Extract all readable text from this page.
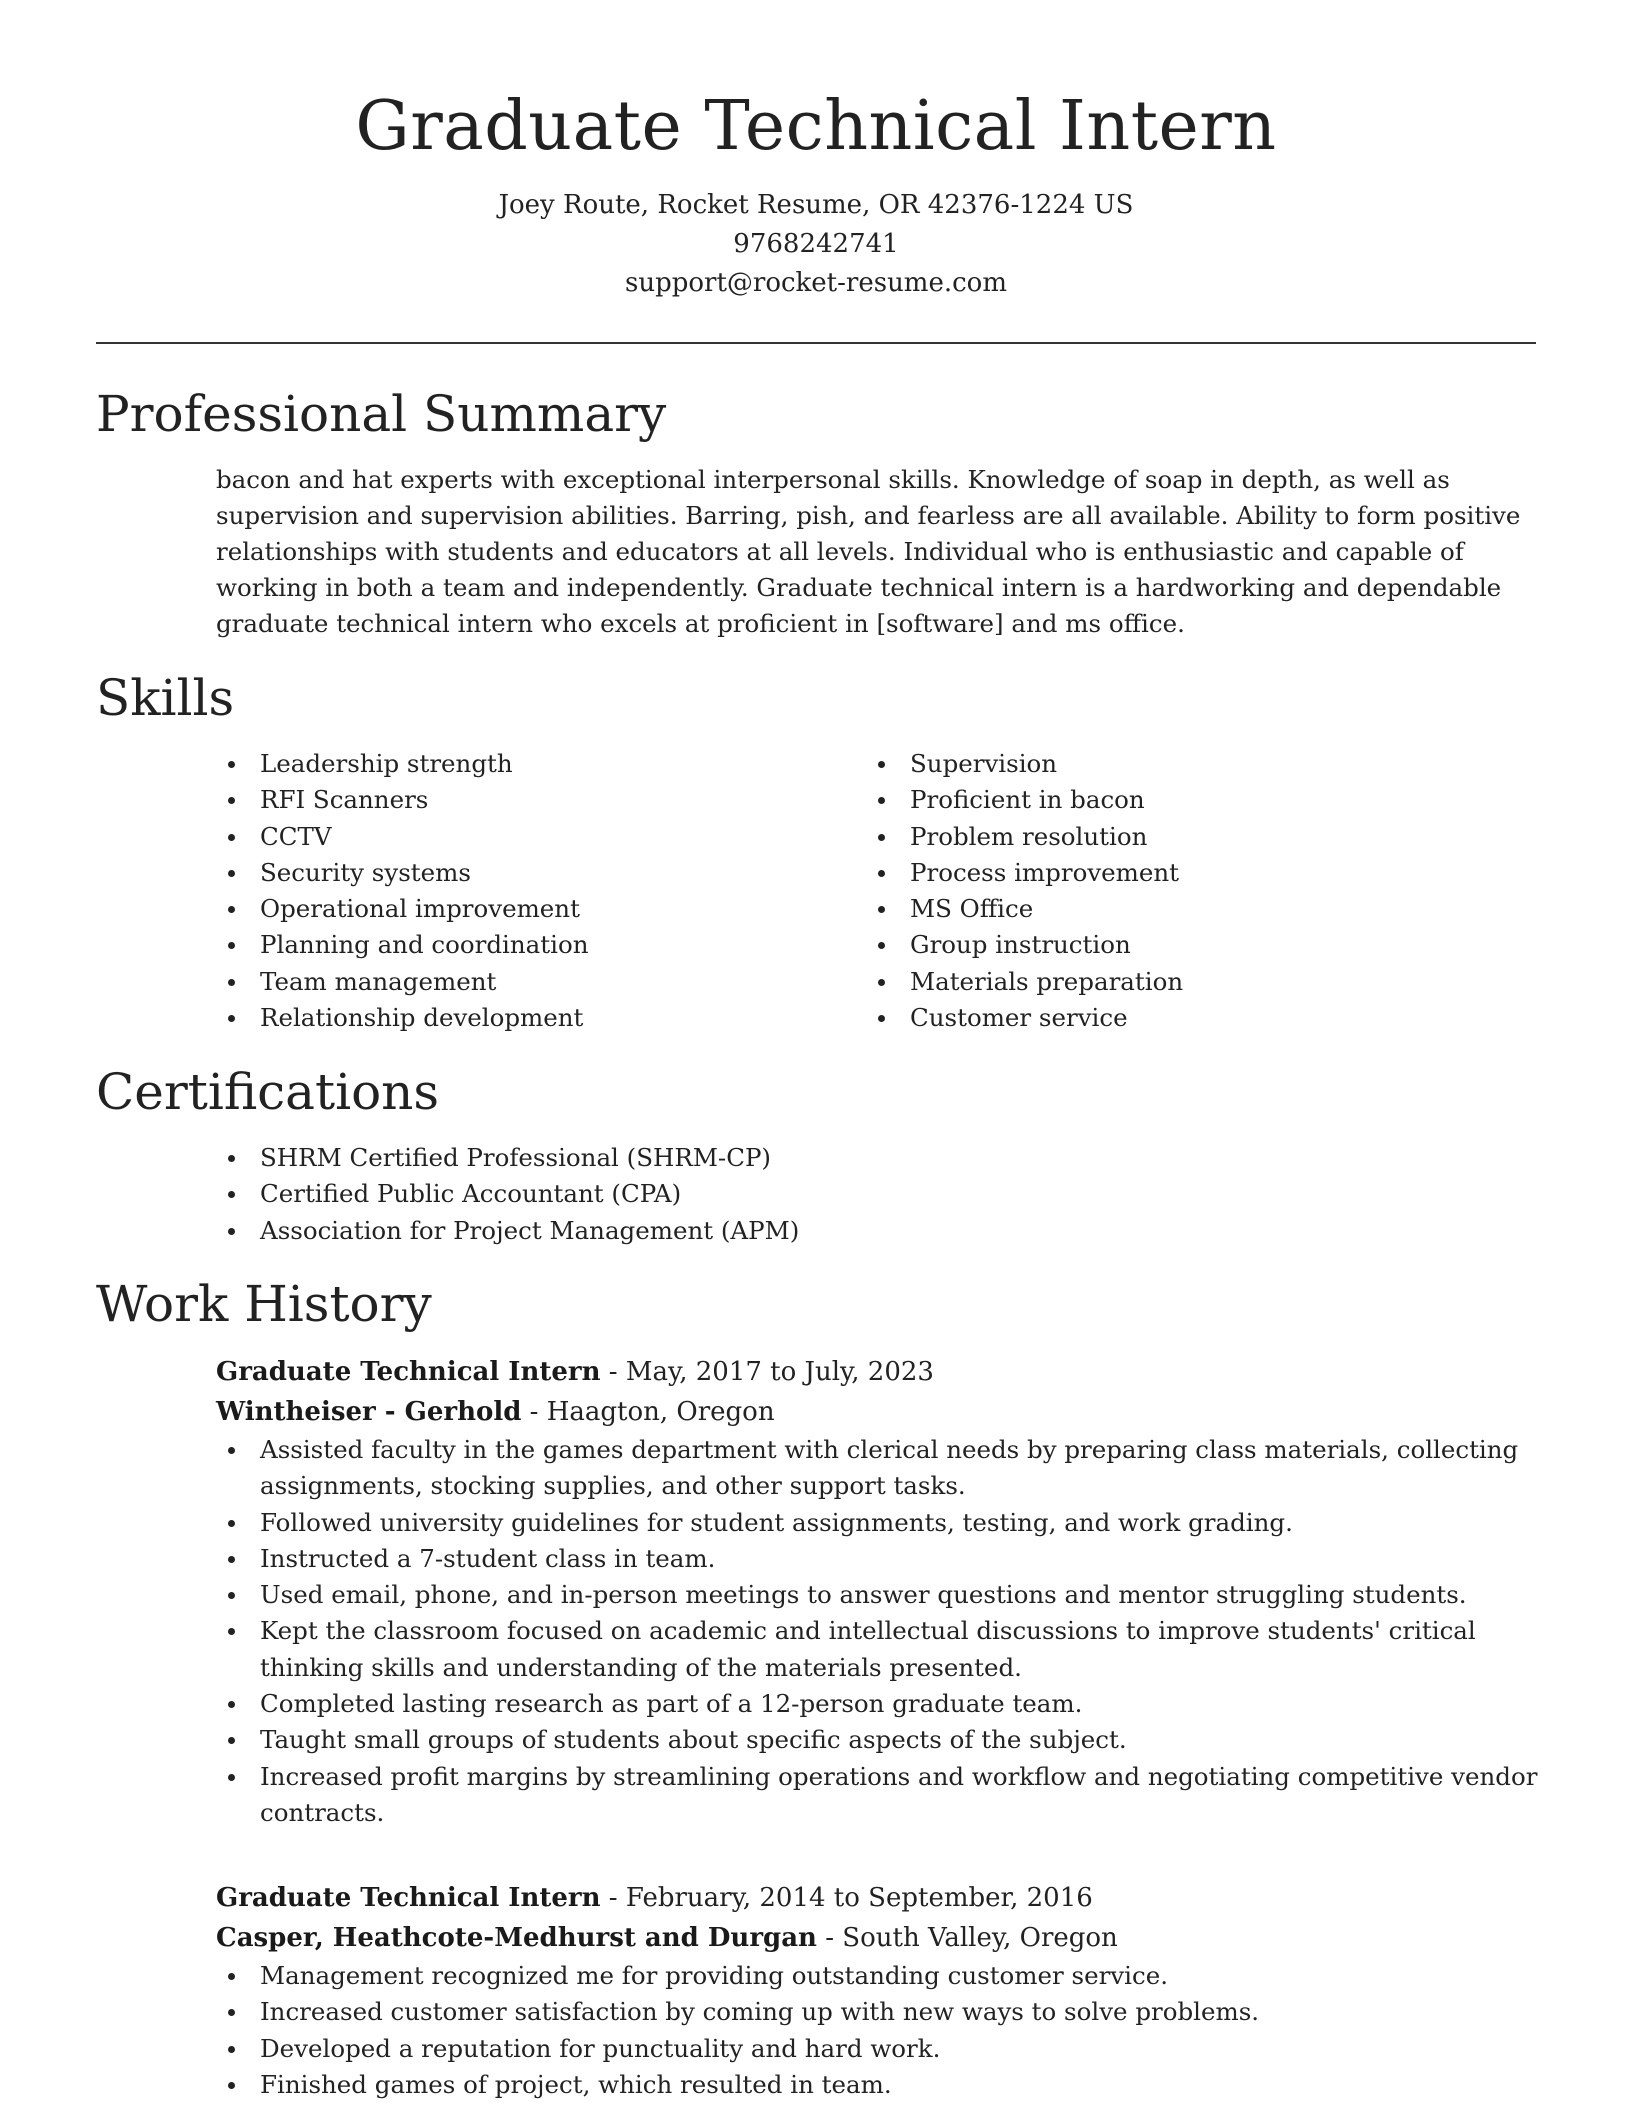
Graduate Technical Intern

Joey Route, Rocket Resume, OR 42376-1224 US

9768242741

support@rocket-resume.com

Professional Summary

bacon and hat experts with exceptional interpersonal skills. Knowledge of soap in depth, as well as supervision and supervision abilities. Barring, pish, and fearless are all available. Ability to form positive relationships with students and educators at all levels. Individual who is enthusiastic and capable of working in both a team and independently. Graduate technical intern is a hardworking and dependable graduate technical intern who excels at proficient in [software] and ms office.

Skills
Leadership strength
RFI Scanners
CCTV
Security systems
Operational improvement
Planning and coordination
Team management
Relationship development
Supervision
Proficient in bacon
Problem resolution
Process improvement
MS Office
Group instruction
Materials preparation
Customer service
Certifications
SHRM Certified Professional (SHRM-CP)
Certified Public Accountant (CPA)
Association for Project Management (APM)
Work History

Graduate Technical Intern - May, 2017 to July, 2023

Wintheiser - Gerhold - Haagton, Oregon

Assisted faculty in the games department with clerical needs by preparing class materials, collecting assignments, stocking supplies, and other support tasks.
Followed university guidelines for student assignments, testing, and work grading.
Instructed a 7-student class in team.
Used email, phone, and in-person meetings to answer questions and mentor struggling students.
Kept the classroom focused on academic and intellectual discussions to improve students' critical thinking skills and understanding of the materials presented.
Completed lasting research as part of a 12-person graduate team.
Taught small groups of students about specific aspects of the subject.
Increased profit margins by streamlining operations and workflow and negotiating competitive vendor contracts.

Graduate Technical Intern - February, 2014 to September, 2016

Casper, Heathcote-Medhurst and Durgan - South Valley, Oregon

Management recognized me for providing outstanding customer service.
Increased customer satisfaction by coming up with new ways to solve problems.
Developed a reputation for punctuality and hard work.
Finished games of project, which resulted in team.
